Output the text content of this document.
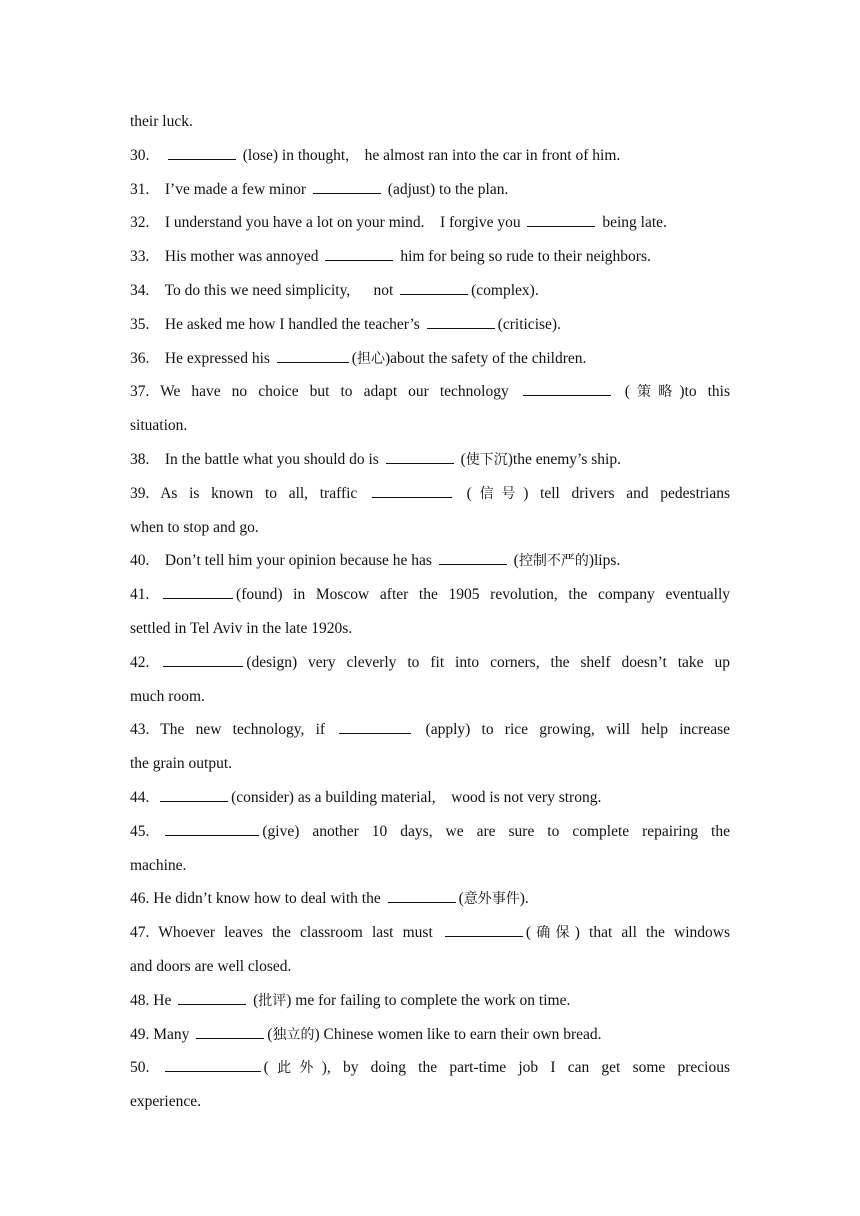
their luck.
30.	(lose) in thought,    he almost ran into the car in front of him.
31.    I’ve made a few minor	(adjust) to the plan.
32.    I understand you have a lot on your mind.    I forgive you	being late.
33.    His mother was annoyed	him for being so rude to their neighbors.
34.    To do this we need simplicity,      not	(complex).
35.    He asked me how I handled the teacher’s	(criticise).
36.    He expressed his	(担心)about the safety of the children.
37. We have no choice but to adapt our technology	(策略)to this
situation.
38.    In the battle what you should do is	(使下沉)the enemy’s ship.
39. As is known to all, traffic	(信号) tell drivers and pedestrians
when to stop and go.
40.    Don’t tell him your opinion because he has	(控制不严的)lips.
41.	(found) in Moscow after the 1905 revolution, the company eventually
settled in Tel Aviv in the late 1920s.
42.	(design) very cleverly to fit into corners, the shelf doesn’t take up
much room.
43. The new technology, if	(apply) to rice growing, will help increase
the grain output.
44.	(consider) as a building material,    wood is not very strong.
45.	(give) another 10 days, we are sure to complete repairing the
machine.
46. He didn’t know how to deal with the	(意外事件).
47. Whoever leaves the classroom last must	(确保) that all the windows
and doors are well closed.
48. He	(批评) me for failing to complete the work on time.
49. Many	(独立的) Chinese women like to earn their own bread.
50.	(此外), by doing the part-time job I can get some precious
experience.
